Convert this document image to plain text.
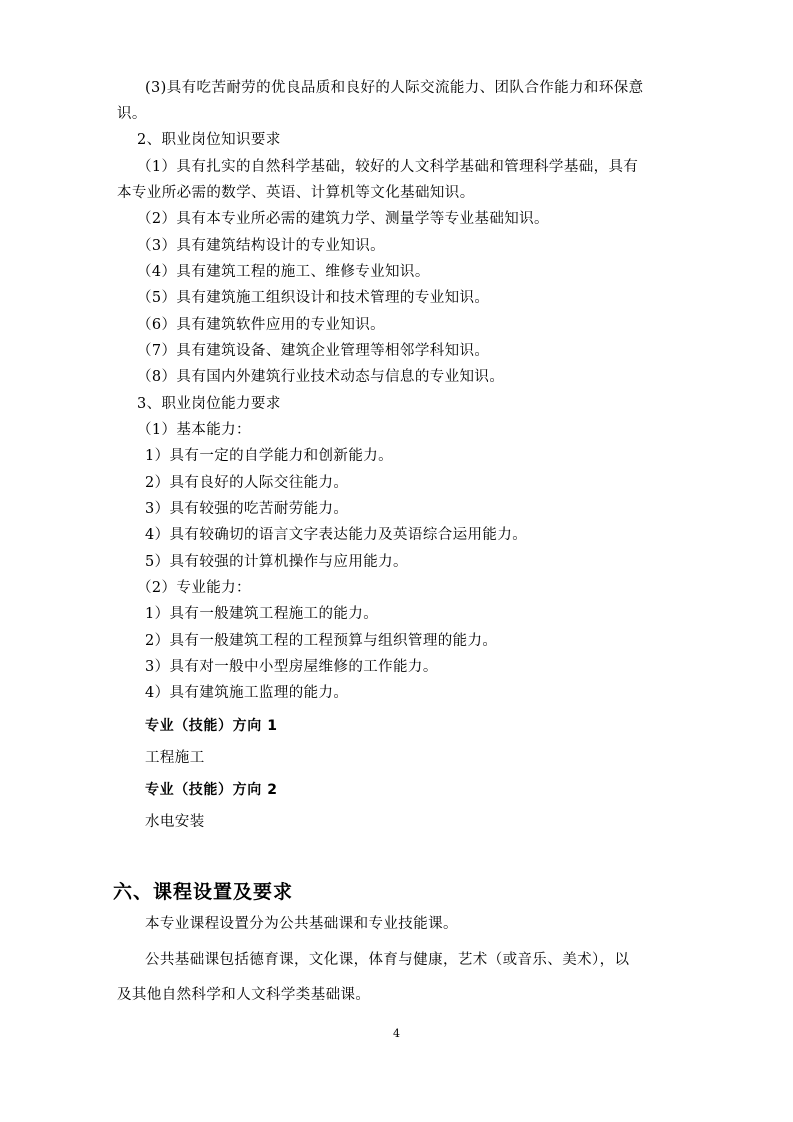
(3)具有吃苦耐劳的优良品质和良好的人际交流能力、团队合作能力和环保意
识。
2、职业岗位知识要求
（1）具有扎实的自然科学基础，较好的人文科学基础和管理科学基础，具有
本专业所必需的数学、英语、计算机等文化基础知识。
（2）具有本专业所必需的建筑力学、测量学等专业基础知识。
（3）具有建筑结构设计的专业知识。
（4）具有建筑工程的施工、维修专业知识。
（5）具有建筑施工组织设计和技术管理的专业知识。
（6）具有建筑软件应用的专业知识。
（7）具有建筑设备、建筑企业管理等相邻学科知识。
（8）具有国内外建筑行业技术动态与信息的专业知识。
3、职业岗位能力要求
（1）基本能力：
1）具有一定的自学能力和创新能力。
2）具有良好的人际交往能力。
3）具有较强的吃苦耐劳能力。
4）具有较确切的语言文字表达能力及英语综合运用能力。
5）具有较强的计算机操作与应用能力。
（2）专业能力：
1）具有一般建筑工程施工的能力。
2）具有一般建筑工程的工程预算与组织管理的能力。
3）具有对一般中小型房屋维修的工作能力。
4）具有建筑施工监理的能力。
专业（技能）方向 1
工程施工
专业（技能）方向 2
水电安装
六、课程设置及要求
本专业课程设置分为公共基础课和专业技能课。
公共基础课包括德育课，文化课，体育与健康，艺术（或音乐、美术），以
及其他自然科学和人文科学类基础课。
4
